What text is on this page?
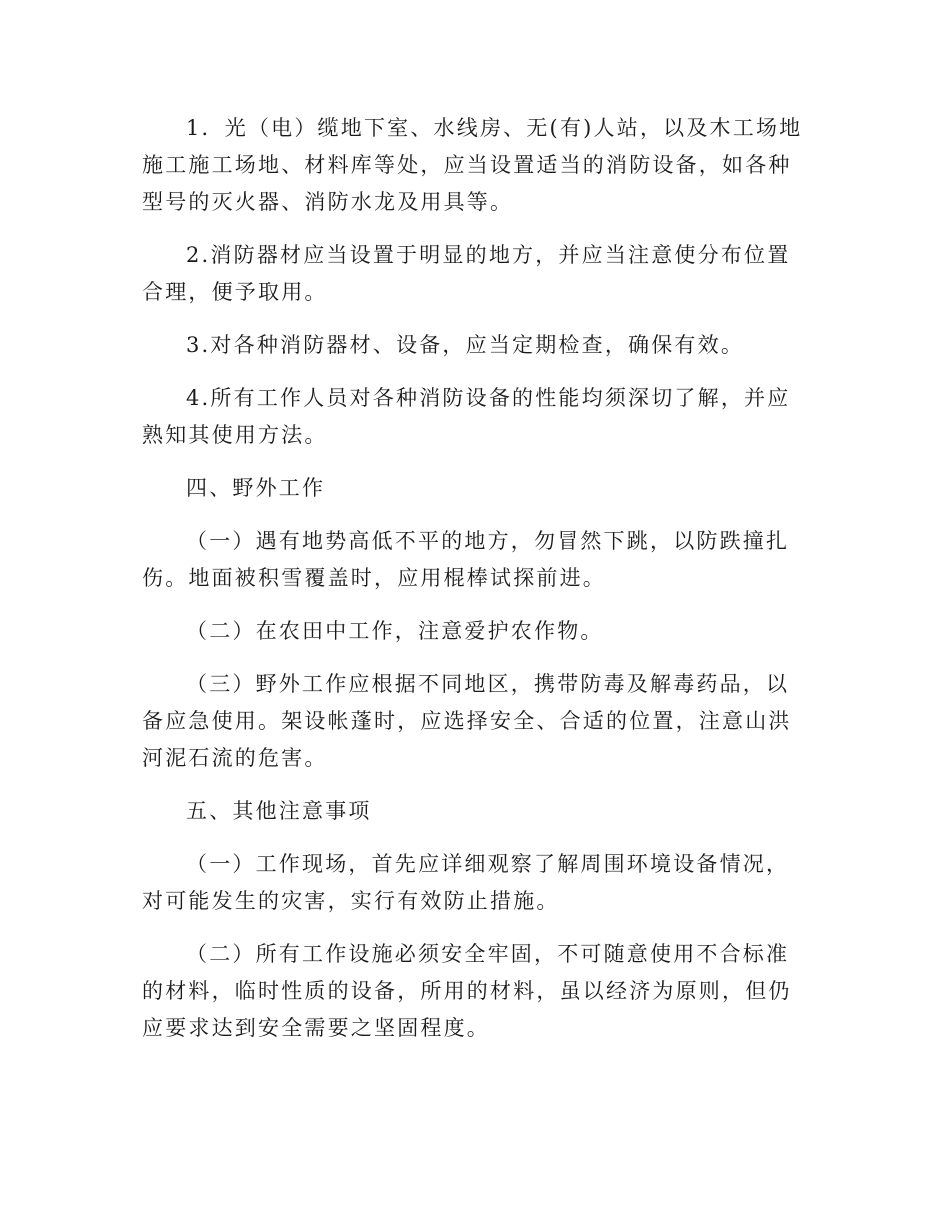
1．光（电）缆地下室、水线房、无(有)人站，以及木工场地施工施工场地、材料库等处，应当设置适当的消防设备，如各种型号的灭火器、消防水龙及用具等。

2.消防器材应当设置于明显的地方，并应当注意使分布位置合理，便予取用。

3.对各种消防器材、设备，应当定期检查，确保有效。

4.所有工作人员对各种消防设备的性能均须深切了解，并应熟知其使用方法。

四、野外工作

（一）遇有地势高低不平的地方，勿冒然下跳，以防跌撞扎伤。地面被积雪覆盖时，应用棍棒试探前进。

（二）在农田中工作，注意爱护农作物。

（三）野外工作应根据不同地区，携带防毒及解毒药品，以备应急使用。架设帐蓬时，应选择安全、合适的位置，注意山洪河泥石流的危害。

五、其他注意事项

（一）工作现场，首先应详细观察了解周围环境设备情况，对可能发生的灾害，实行有效防止措施。

（二）所有工作设施必须安全牢固，不可随意使用不合标准的材料，临时性质的设备，所用的材料，虽以经济为原则，但仍应要求达到安全需要之坚固程度。
